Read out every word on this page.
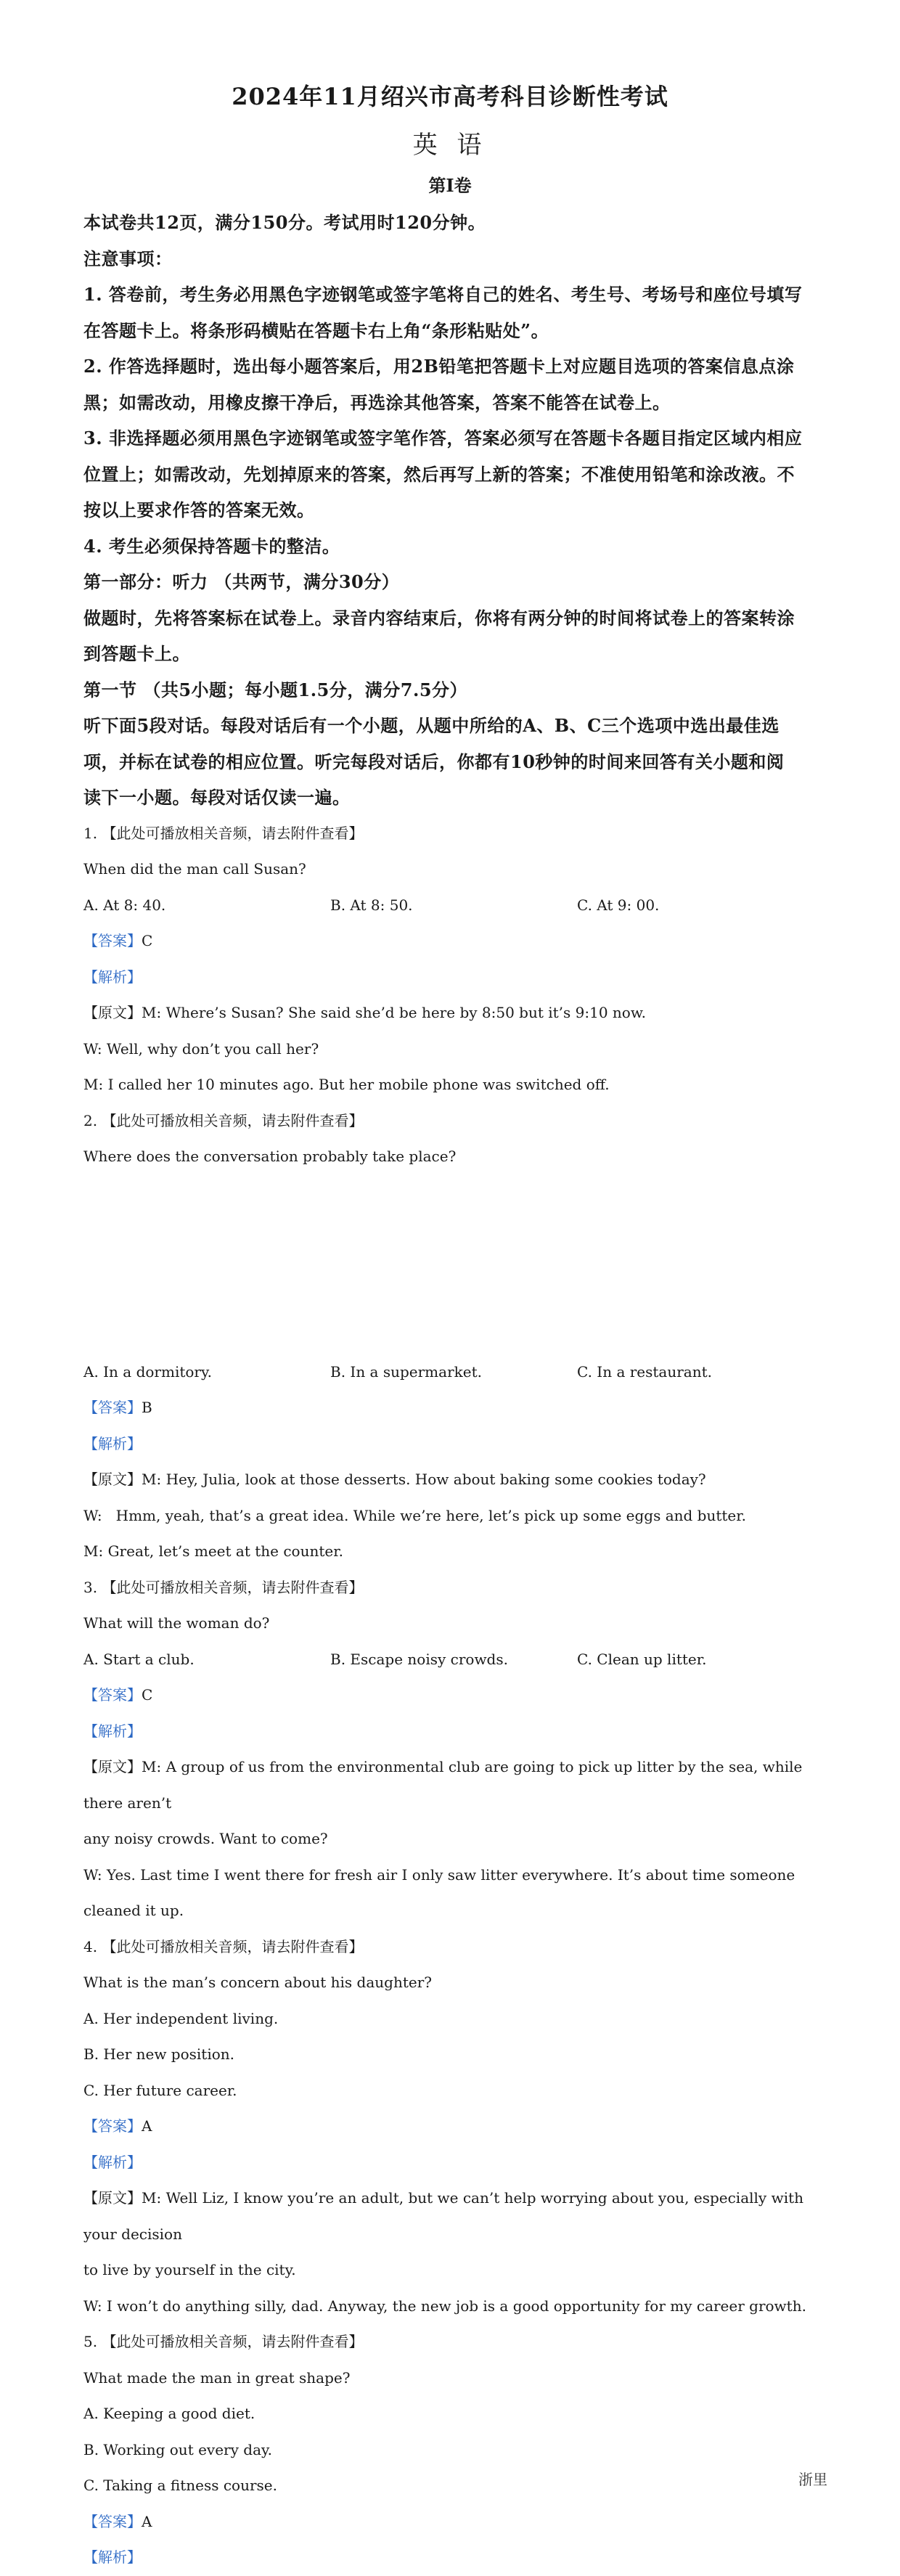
2024年11月绍兴市高考科目诊断性考试
英 语
第Ⅰ卷

本试卷共12页，满分150分。考试用时120分钟。

注意事项：

1. 答卷前，考生务必用黑色字迹钢笔或签字笔将自己的姓名、考生号、考场号和座位号填写

在答题卡上。将条形码横贴在答题卡右上角“条形粘贴处”。

2. 作答选择题时，选出每小题答案后，用2B铅笔把答题卡上对应题目选项的答案信息点涂

黑；如需改动，用橡皮擦干净后，再选涂其他答案，答案不能答在试卷上。

3. 非选择题必须用黑色字迹钢笔或签字笔作答，答案必须写在答题卡各题目指定区域内相应

位置上；如需改动，先划掉原来的答案，然后再写上新的答案；不准使用铅笔和涂改液。不

按以上要求作答的答案无效。

4. 考生必须保持答题卡的整洁。

第一部分：听力 （共两节，满分30分）

做题时，先将答案标在试卷上。录音内容结束后，你将有两分钟的时间将试卷上的答案转涂

到答题卡上。

第一节 （共5小题；每小题1.5分，满分7.5分）

听下面5段对话。每段对话后有一个小题，从题中所给的A、B、C三个选项中选出最佳选

项，并标在试卷的相应位置。听完每段对话后，你都有10秒钟的时间来回答有关小题和阅

读下一小题。每段对话仅读一遍。

1. 【此处可播放相关音频，请去附件查看】

When did the man call Susan?

A. At 8: 40.	B. At 8: 50.	C. At 9: 00.

【答案】C

【解析】

【原文】M: Where’s Susan? She said she’d be here by 8:50 but it’s 9:10 now.

W: Well, why don’t you call her?

M: I called her 10 minutes ago. But her mobile phone was switched off.

2. 【此处可播放相关音频，请去附件查看】

Where does the conversation probably take place?

A. In a dormitory.	B. In a supermarket.	C. In a restaurant.

【答案】B

【解析】

【原文】M: Hey, Julia, look at those desserts. How about baking some cookies today?

W:   Hmm, yeah, that’s a great idea. While we’re here, let’s pick up some eggs and butter.

M: Great, let’s meet at the counter.

3. 【此处可播放相关音频，请去附件查看】

What will the woman do?

A. Start a club.	B. Escape noisy crowds.	C. Clean up litter.

【答案】C

【解析】

【原文】M: A group of us from the environmental club are going to pick up litter by the sea, while there aren’t

any noisy crowds. Want to come?

W: Yes. Last time I went there for fresh air I only saw litter everywhere. It’s about time someone cleaned it up.

4. 【此处可播放相关音频，请去附件查看】

What is the man’s concern about his daughter?

A. Her independent living.

B. Her new position.

C. Her future career.

【答案】A

【解析】

【原文】M: Well Liz, I know you’re an adult, but we can’t help worrying about you, especially with your decision

to live by yourself in the city.

W: I won’t do anything silly, dad. Anyway, the new job is a good opportunity for my career growth.

5. 【此处可播放相关音频，请去附件查看】

What made the man in great shape?

A. Keeping a good diet.

B. Working out every day.

C. Taking a fitness course.

【答案】A

【解析】

浙里
